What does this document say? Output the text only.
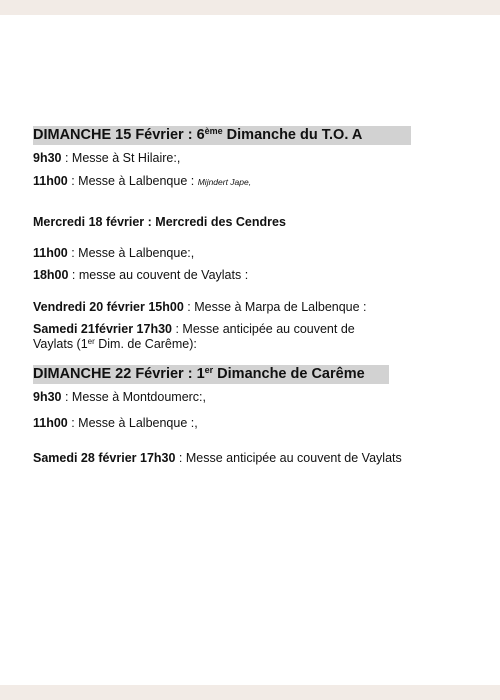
DIMANCHE 15 Février : 6ème Dimanche du T.O. A
9h30 : Messe à St Hilaire:,
11h00 : Messe à Lalbenque : Mijndert Jape,
Mercredi 18 février : Mercredi des Cendres
11h00 : Messe à Lalbenque:,
18h00 : messe au couvent de Vaylats :
Vendredi 20 février 15h00 : Messe à Marpa de Lalbenque :
Samedi 21février 17h30 : Messe anticipée au couvent de
Vaylats (1er Dim. de Carême):
DIMANCHE 22 Février : 1er Dimanche de Carême
9h30 : Messe à Montdoumerc:,
11h00 : Messe à Lalbenque :,
Samedi 28 février 17h30 : Messe anticipée au couvent de Vaylats
